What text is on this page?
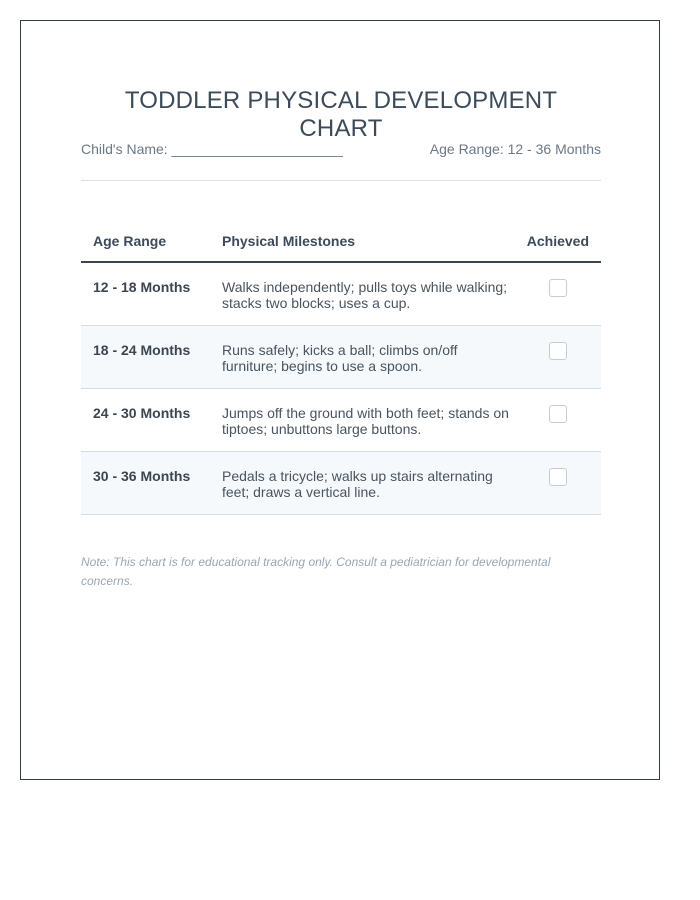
TODDLER PHYSICAL DEVELOPMENT CHART
Child's Name: ______________________	Age Range: 12 - 36 Months
Age Range	Physical Milestones	Achieved
12 - 18 Months Walks independently; pulls toys while walking; stacks two blocks; uses a cup.
18 - 24 Months Runs safely; kicks a ball; climbs on/off furniture; begins to use a spoon.
24 - 30 Months Jumps off the ground with both feet; stands on tiptoes; unbuttons large buttons.
30 - 36 Months Pedals a tricycle; walks up stairs alternating feet; draws a vertical line.
Note: This chart is for educational tracking only. Consult a pediatrician for developmental concerns.
